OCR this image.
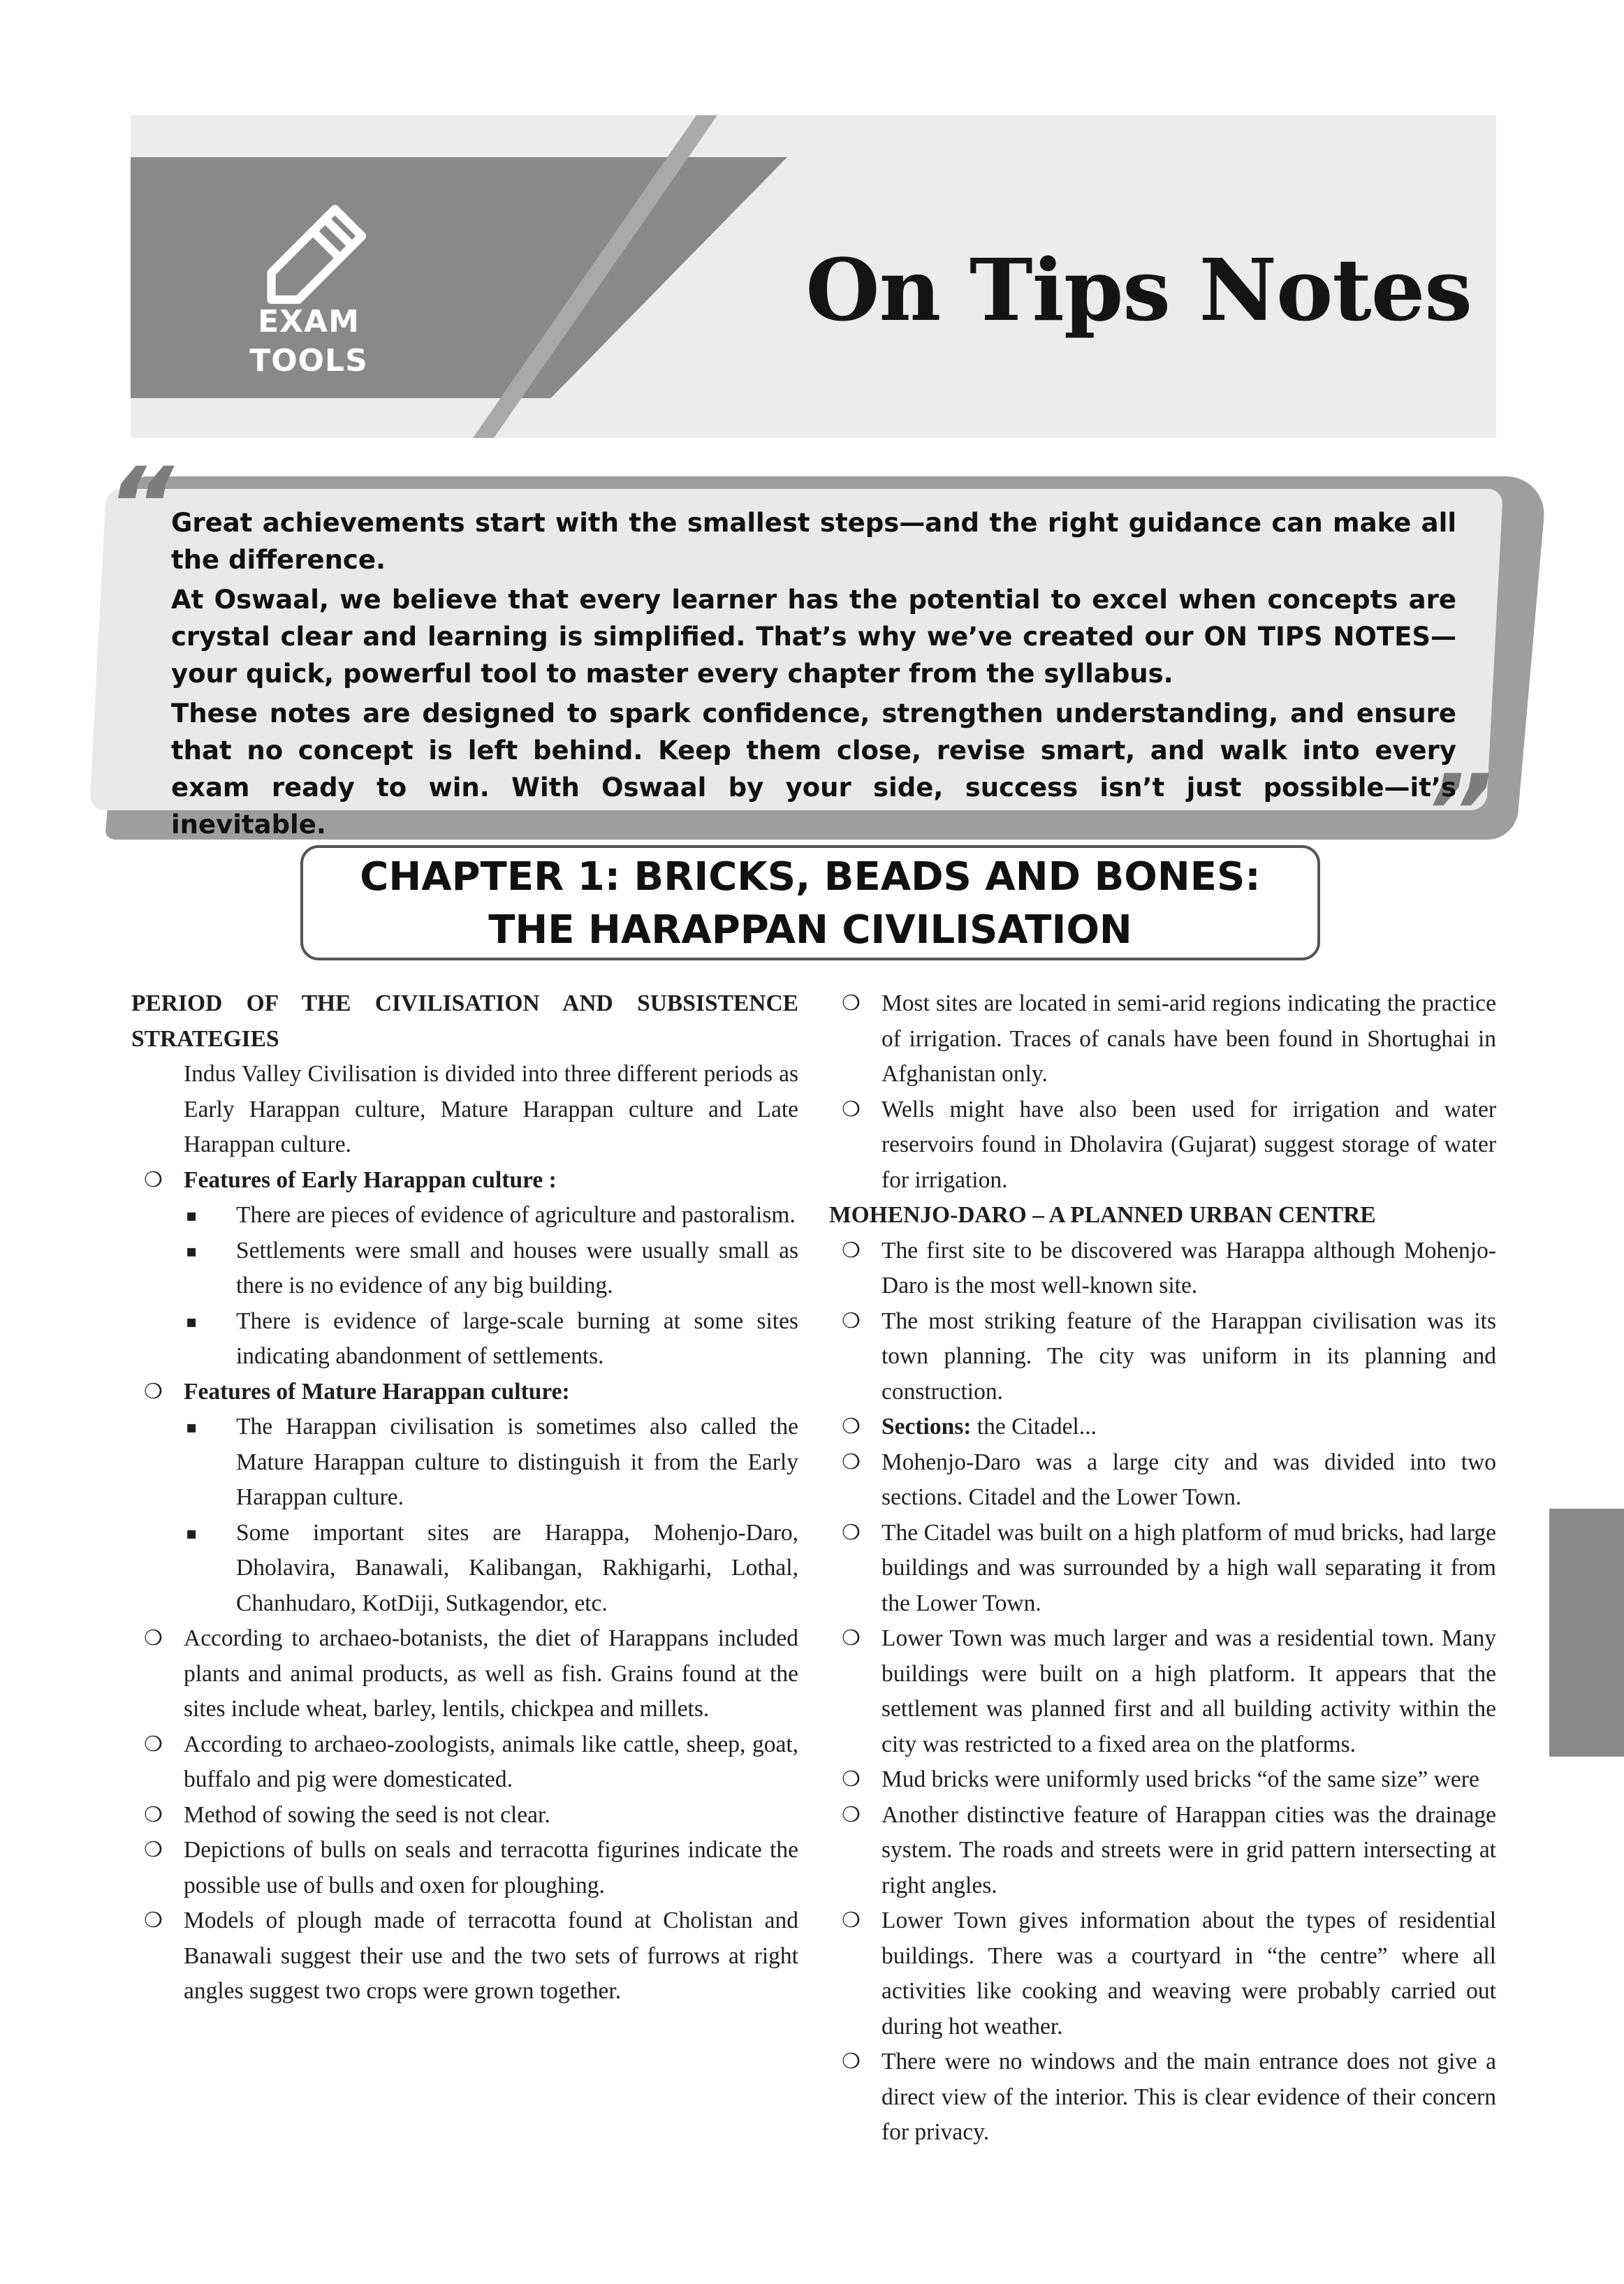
EXAM
TOOLS
On Tips Notes
“
”

Great achievements start with the smallest steps—and the right guidance can make all the difference.

At Oswaal, we believe that every learner has the potential to excel when concepts are crystal clear and learning is simplified. That’s why we’ve created our ON TIPS NOTES—your quick, powerful tool to master every chapter from the syllabus.

These notes are designed to spark confidence, strengthen understanding, and ensure that no concept is left behind. Keep them close, revise smart, and walk into every exam ready to win. With Oswaal by your side, success isn’t just possible—it’s inevitable.

CHAPTER 1: BRICKS, BEADS AND BONES:
THE HARAPPAN CIVILISATION

PERIOD OF THE CIVILISATION AND SUBSISTENCE STRATEGIES

Indus Valley Civilisation is divided into three different periods as Early Harappan culture, Mature Harappan culture and Late Harappan culture.

❍ Features of Early Harappan culture :
▪ There are pieces of evidence of agriculture and pastoralism.
▪ Settlements were small and houses were usually small as there is no evidence of any big building.
▪ There is evidence of large-scale burning at some sites indicating abandonment of settlements.
❍ Features of Mature Harappan culture:
▪ The Harappan civilisation is sometimes also called the Mature Harappan culture to distinguish it from the Early Harappan culture.
▪ Some important sites are Harappa, Mohenjo-Daro, Dholavira, Banawali, Kalibangan, Rakhigarhi, Lothal, Chanhudaro, KotDiji, Sutkagendor, etc.
❍ According to archaeo-botanists, the diet of Harappans included plants and animal products, as well as fish. Grains found at the sites include wheat, barley, lentils, chickpea and millets.
❍ According to archaeo-zoologists, animals like cattle, sheep, goat, buffalo and pig were domesticated.
❍ Method of sowing the seed is not clear.
❍ Depictions of bulls on seals and terracotta figurines indicate the possible use of bulls and oxen for ploughing.
❍ Models of plough made of terracotta found at Cholistan and Banawali suggest their use and the two sets of furrows at right angles suggest two crops were grown together.
❍ Most sites are located in semi-arid regions indicating the practice of irrigation. Traces of canals have been found in Shortughai in Afghanistan only.
❍ Wells might have also been used for irrigation and water reservoirs found in Dholavira (Gujarat) suggest storage of water for irrigation.

MOHENJO-DARO – A PLANNED URBAN CENTRE

❍ The first site to be discovered was Harappa although Mohenjo-Daro is the most well-known site.
❍ The most striking feature of the Harappan civilisation was its town planning. The city was uniform in its planning and construction.
❍ Sections: the Citadel...
❍ Mohenjo-Daro was a large city and was divided into two sections. Citadel and the Lower Town.
❍ The Citadel was built on a high platform of mud bricks, had large buildings and was surrounded by a high wall separating it from the Lower Town.
❍ Lower Town was much larger and was a residential town. Many buildings were built on a high platform. It appears that the settlement was planned first and all building activity within the city was restricted to a fixed area on the platforms.
❍ Mud bricks were uniformly used bricks “of the same size” were
❍ Another distinctive feature of Harappan cities was the drainage system. The roads and streets were in grid pattern intersecting at right angles.
❍ Lower Town gives information about the types of residential buildings. There was a courtyard in “the centre” where all activities like cooking and weaving were probably carried out during hot weather.
❍ There were no windows and the main entrance does not give a direct view of the interior. This is clear evidence of their concern for privacy.
